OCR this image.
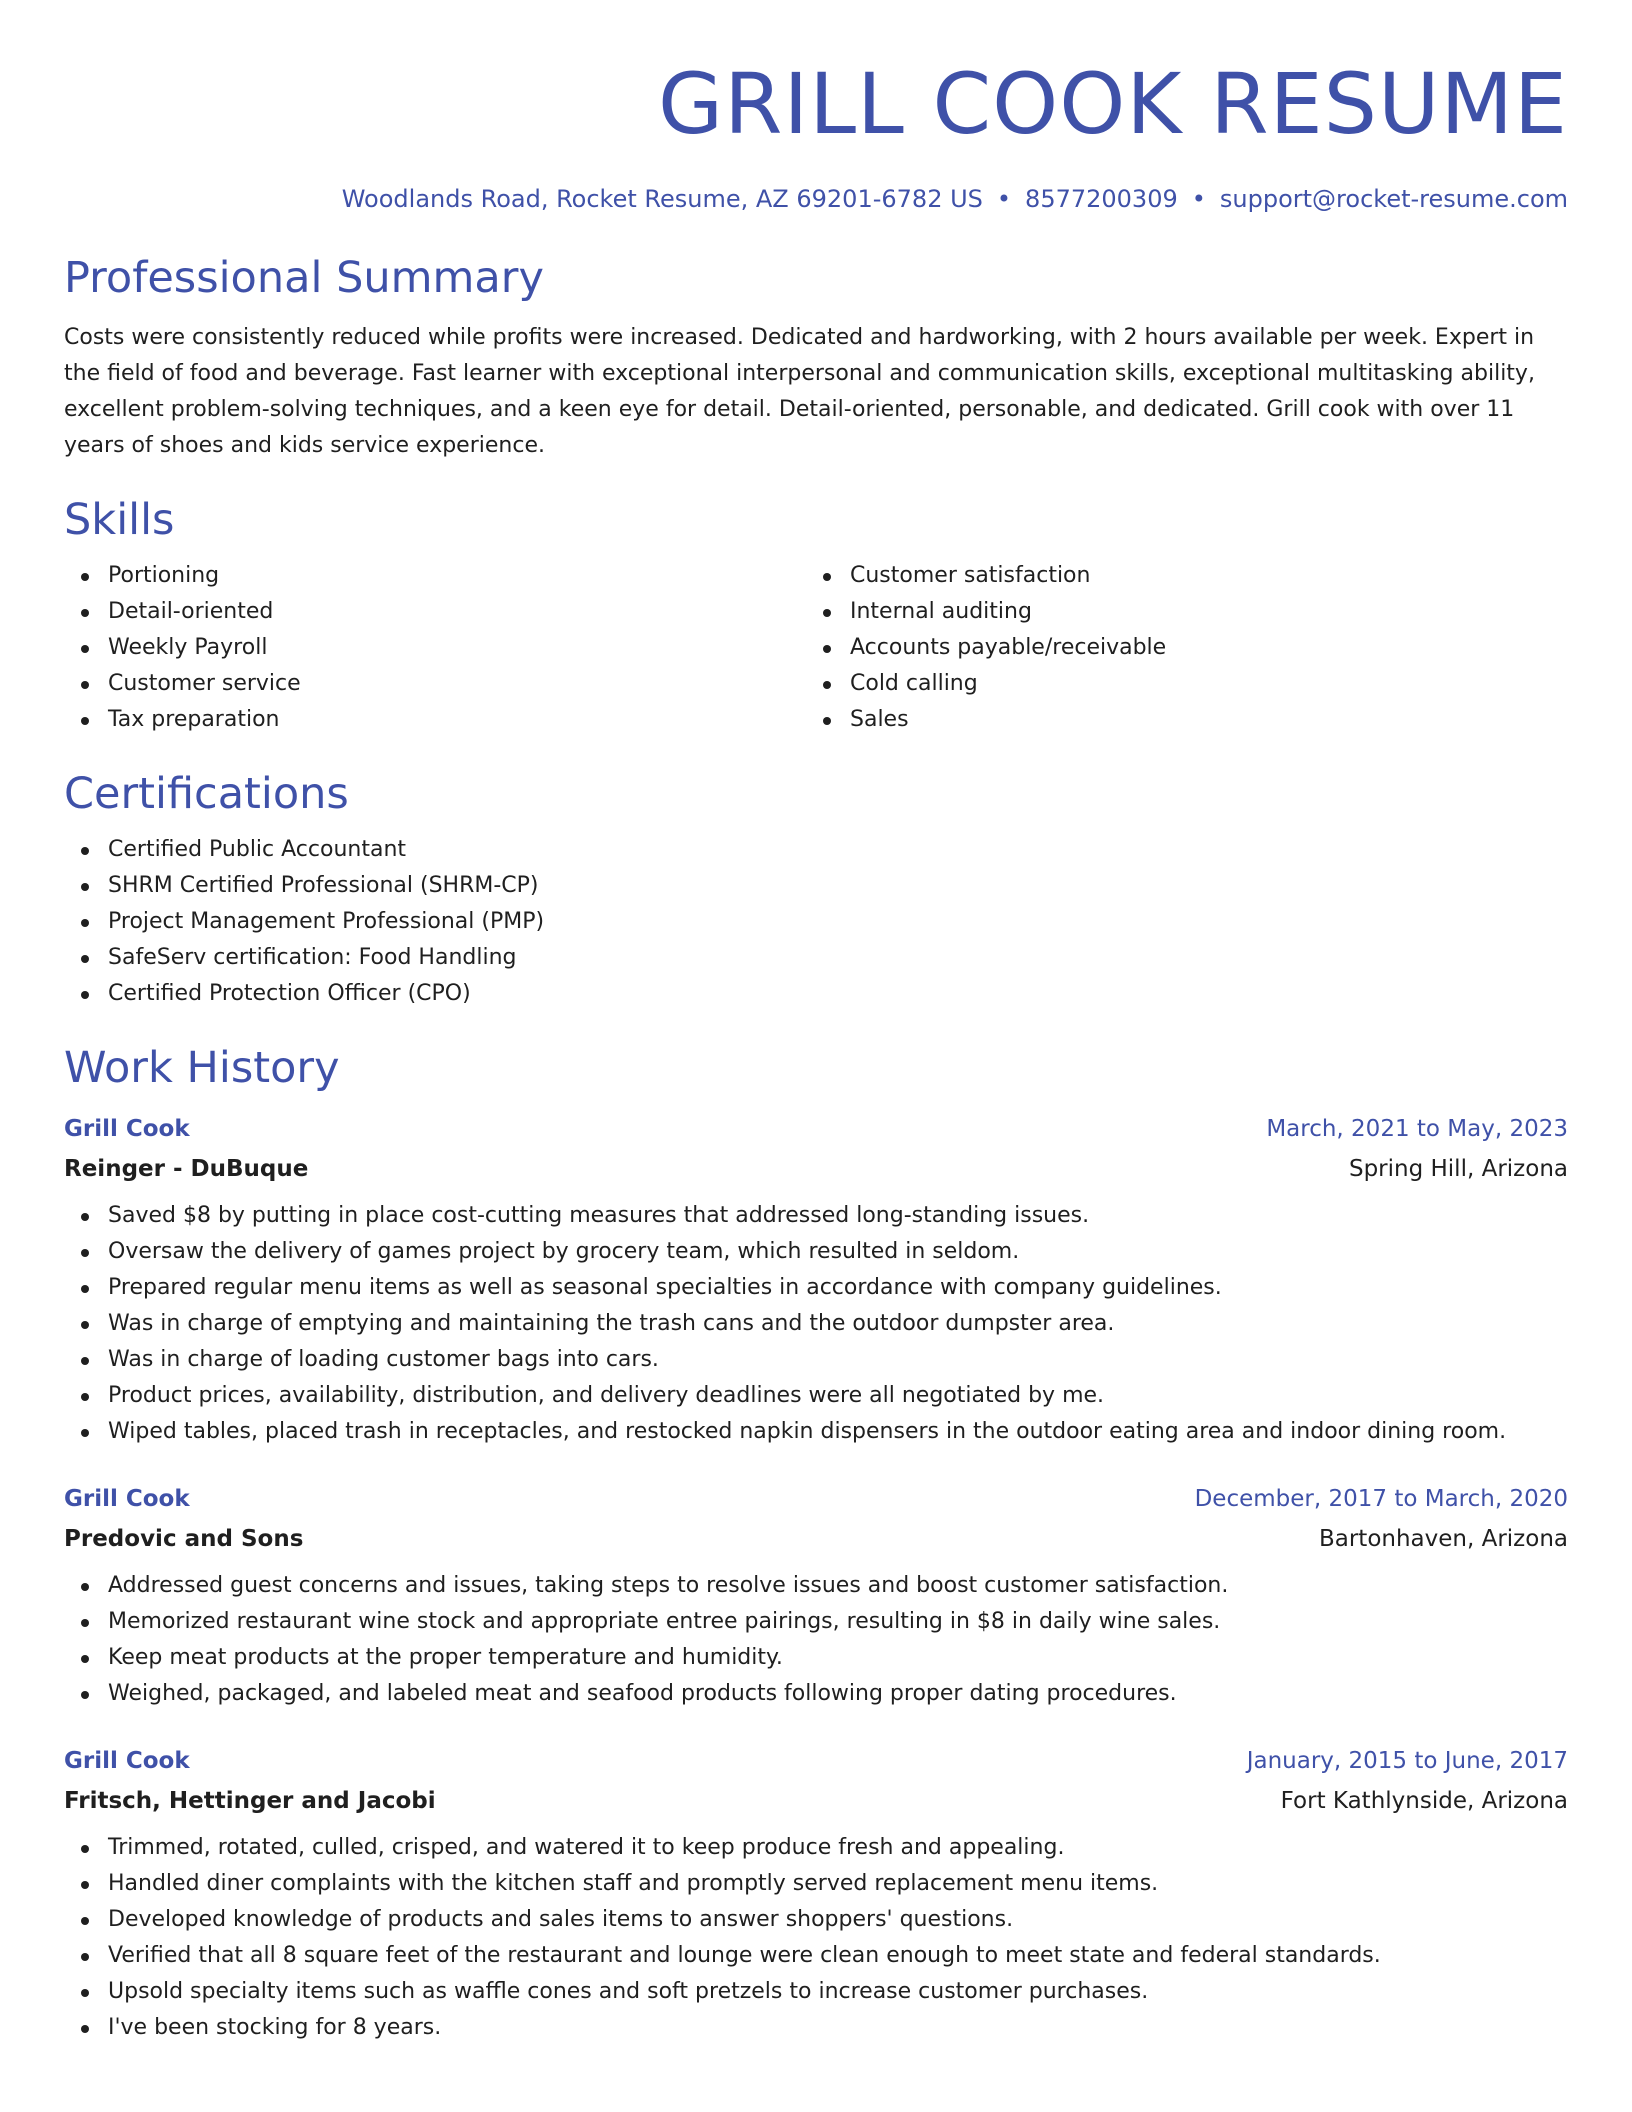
GRILL COOK RESUME
Woodlands Road, Rocket Resume, AZ 69201-6782 US • 8577200309 • support@rocket-resume.com
Professional Summary

Costs were consistently reduced while profits were increased. Dedicated and hardworking, with 2 hours available per week. Expert in the field of food and beverage. Fast learner with exceptional interpersonal and communication skills, exceptional multitasking ability, excellent problem-solving techniques, and a keen eye for detail. Detail-oriented, personable, and dedicated. Grill cook with over 11 years of shoes and kids service experience.

Skills
Portioning
Detail-oriented
Weekly Payroll
Customer service
Tax preparation
Customer satisfaction
Internal auditing
Accounts payable/receivable
Cold calling
Sales
Certifications
Certified Public Accountant
SHRM Certified Professional (SHRM-CP)
Project Management Professional (PMP)
SafeServ certification: Food Handling
Certified Protection Officer (CPO)
Work History
Grill Cook	March, 2021 to May, 2023
Reinger - DuBuque	Spring Hill, Arizona
Saved $8 by putting in place cost-cutting measures that addressed long-standing issues.
Oversaw the delivery of games project by grocery team, which resulted in seldom.
Prepared regular menu items as well as seasonal specialties in accordance with company guidelines.
Was in charge of emptying and maintaining the trash cans and the outdoor dumpster area.
Was in charge of loading customer bags into cars.
Product prices, availability, distribution, and delivery deadlines were all negotiated by me.
Wiped tables, placed trash in receptacles, and restocked napkin dispensers in the outdoor eating area and indoor dining room.
Grill Cook	December, 2017 to March, 2020
Predovic and Sons	Bartonhaven, Arizona
Addressed guest concerns and issues, taking steps to resolve issues and boost customer satisfaction.
Memorized restaurant wine stock and appropriate entree pairings, resulting in $8 in daily wine sales.
Keep meat products at the proper temperature and humidity.
Weighed, packaged, and labeled meat and seafood products following proper dating procedures.
Grill Cook	January, 2015 to June, 2017
Fritsch, Hettinger and Jacobi	Fort Kathlynside, Arizona
Trimmed, rotated, culled, crisped, and watered it to keep produce fresh and appealing.
Handled diner complaints with the kitchen staff and promptly served replacement menu items.
Developed knowledge of products and sales items to answer shoppers' questions.
Verified that all 8 square feet of the restaurant and lounge were clean enough to meet state and federal standards.
Upsold specialty items such as waffle cones and soft pretzels to increase customer purchases.
I've been stocking for 8 years.
